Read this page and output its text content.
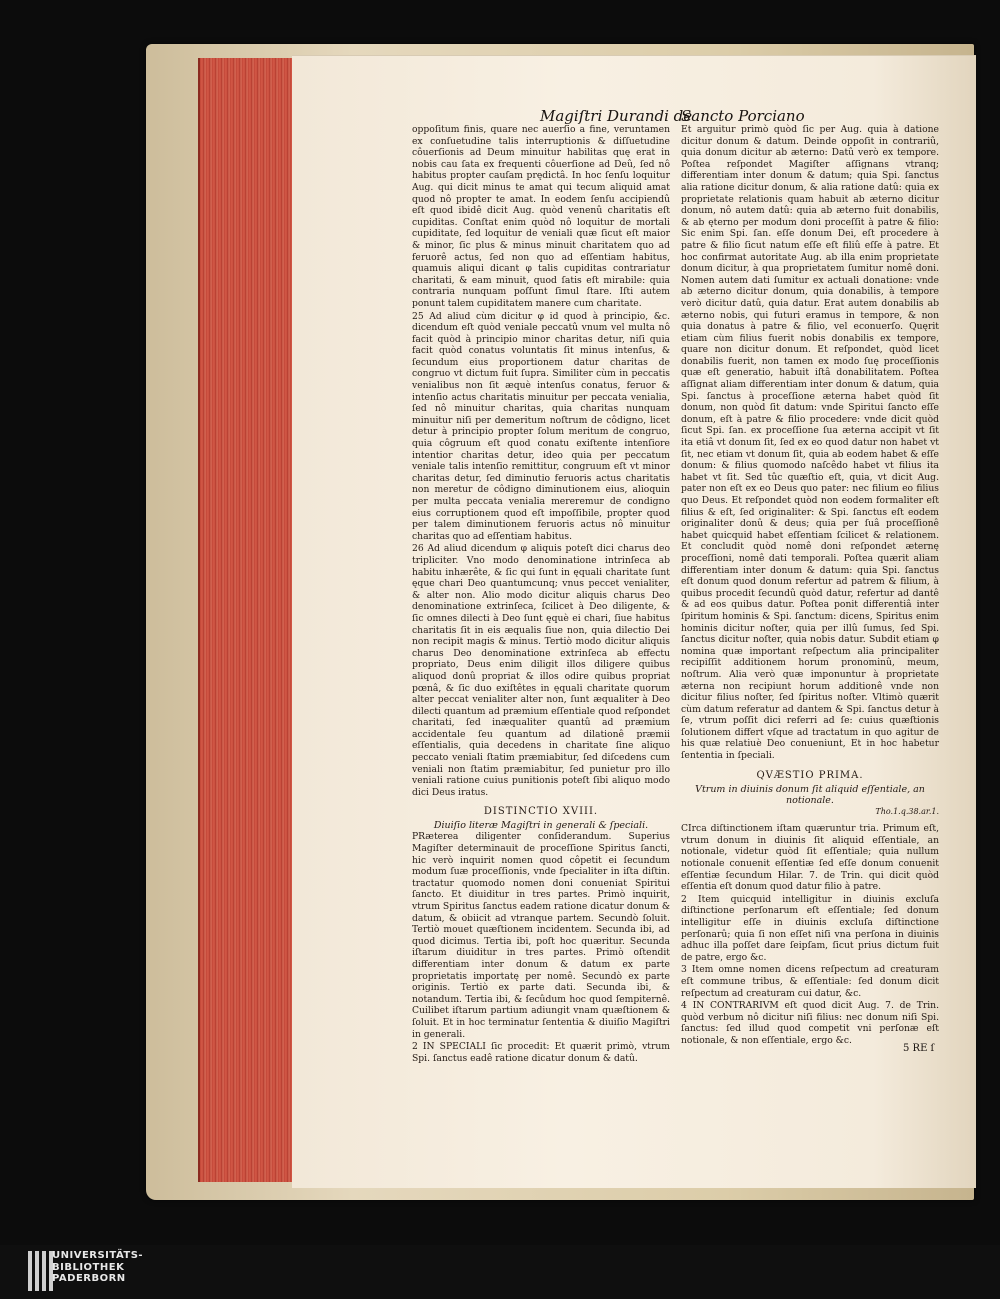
Magiſtri Durandi de
Sancto Porciano

oppoſitum finis, quare nec auerſio a fine, veruntamen ex conſuetudine talis interruptionis & diſſuetudine côuerſionis ad Deum minuitur habilitas quę erat in nobis cau ſata ex frequenti côuerſione ad Deû, ſed nô habitus propter cauſam prędictâ. In hoc ſenſu loquitur Aug. qui dicit minus te amat qui tecum aliquid amat quod nô propter te amat. In eodem ſenſu accipiendû eſt quod ibidê dicit Aug. quòd venenû charitatis eſt cupiditas. Conſtat enim quòd nô loquitur de mortali cupiditate, ſed loquitur de veniali quæ ſicut eſt maior & minor, ſic plus & minus minuit charitatem quo ad feruorê actus, ſed non quo ad eſſentiam habitus, quamuis aliqui dicant φ talis cupiditas contrariatur charitati, & eam minuit, quod ſatis eſt mirabile: quia contraria nunquam poſſunt ſimul ſtare. Iſti autem ponunt talem cupiditatem manere cum charitate.

25 Ad aliud cùm dicitur φ id quod à principio, &c. dicendum eſt quòd veniale peccatû vnum vel multa nô facit quòd à principio minor charitas detur, niſi quia facit quòd conatus voluntatis ſit minus intenſus, & ſecundum eius proportionem datur charitas de congruo vt dictum fuit ſupra. Similiter cùm in peccatis venialibus non ſit æquè intenſus conatus, feruor & intenſio actus charitatis minuitur per peccata venialia, ſed nô minuitur charitas, quia charitas nunquam minuitur niſi per demeritum noſtrum de côdigno, licet detur à principio propter ſolum meritum de congruo, quia côgruum eſt quod conatu exiſtente intenſiore intentior charitas detur, ideo quia per peccatum veniale talis intenſio remittitur, congruum eſt vt minor charitas detur, ſed diminutio feruoris actus charitatis non meretur de côdigno diminutionem eius, alioquin per multa peccata venialia mereremur de condigno eius corruptionem quod eſt impoſſibile, propter quod per talem diminutionem feruoris actus nô minuitur charitas quo ad eſſentiam habitus.

26 Ad aliud dicendum φ aliquis poteſt dici charus deo tripliciter. Vno modo denominatione intrinſeca ab habitu inhærête, & ſic qui ſunt in ęquali charitate ſunt ęque chari Deo quantumcunq; vnus peccet venialiter, & alter non. Alio modo dicitur aliquis charus Deo denominatione extrinſeca, ſcilicet à Deo diligente, & ſic omnes dilecti à Deo ſunt ęquè ei chari, ſiue habitus charitatis ſit in eis æqualis ſiue non, quia dilectio Dei non recipit magis & minus. Tertiò modo dicitur aliquis charus Deo denominatione extrinſeca ab effectu propriato, Deus enim diligit illos diligere quibus aliquod donû propriat & illos odire quibus propriat pœnâ, & ſic duo exiſtêtes in ęquali charitate quorum alter peccat venialiter alter non, ſunt æqualiter à Deo dilecti quantum ad præmium eſſentiale quod reſpondet charitati, ſed inæqualiter quantû ad præmium accidentale ſeu quantum ad dilationê præmii eſſentialis, quia decedens in charitate ſine aliquo peccato veniali ſtatim præmiabitur, ſed diſcedens cum veniali non ſtatim præmiabitur, ſed punietur pro illo veniali ratione cuius punitionis poteſt ſibi aliquo modo dici Deus iratus.

DISTINCTIO XVIII.
Diuiſio literæ Magiſtri in generali & ſpeciali.

PRæterea diligenter conſiderandum. Superius Magiſter determinauit de proceſſione Spiritus ſancti, hic verò inquirit nomen quod côpetit ei ſecundum modum ſuæ proceſſionis, vnde ſpecialiter in iſta diſtin. tractatur quomodo nomen doni conueniat Spiritui ſancto. Et diuiditur in tres partes. Primò inquirit, vtrum Spiritus ſanctus eadem ratione dicatur donum & datum, & obiicit ad vtranque partem. Secundò ſoluit. Tertiò mouet quæſtionem incidentem. Secunda ibi, ad quod dicimus. Tertia ibi, poſt hoc quæritur. Secunda iſtarum diuiditur in tres partes. Primò oſtendit differentiam inter donum & datum ex parte proprietatis importatę per nomê. Secundò ex parte originis. Tertiò ex parte dati. Secunda ibi, & notandum. Tertia ibi, & ſecûdum hoc quod ſempiternê. Cuilibet iſtarum partium adiungit vnam quæſtionem & ſoluit. Et in hoc terminatur ſententia & diuiſio Magiſtri in generali.

2 IN SPECIALI ſic procedit: Et quærit primò, vtrum Spi. ſanctus eadê ratione dicatur donum & datû.

Et arguitur primò quòd ſic per Aug. quia à datione dicitur donum & datum. Deinde oppoſit in contrariû, quia donum dicitur ab æterno: Datû verò ex tempore. Poſtea reſpondet Magiſter aſſignans vtranq; differentiam inter donum & datum; quia Spi. ſanctus alia ratione dicitur donum, & alia ratione datû: quia ex proprietate relationis quam habuit ab æterno dicitur donum, nô autem datû: quia ab æterno fuit donabilis, & ab ęterno per modum doni proceſſit à patre & filio: Sic enim Spi. ſan. eſſe donum Dei, eſt procedere à patre & filio ſicut natum eſſe eſt filiû eſſe à patre. Et hoc confirmat autoritate Aug. ab illa enim proprietate donum dicitur, à qua proprietatem ſumitur nomê doni. Nomen autem dati ſumitur ex actuali donatione: vnde ab æterno dicitur donum, quia donabilis, à tempore verò dicitur datû, quia datur. Erat autem donabilis ab æterno nobis, qui futuri eramus in tempore, & non quia donatus à patre & filio, vel econuerſo. Quęrit etiam cùm filius fuerit nobis donabilis ex tempore, quare non dicitur donum. Et reſpondet, quòd licet donabilis fuerit, non tamen ex modo ſuę proceſſionis quæ eſt generatio, habuit iſtâ donabilitatem. Poſtea aſſignat aliam differentiam inter donum & datum, quia Spi. ſanctus à proceſſione æterna habet quòd ſit donum, non quòd ſit datum: vnde Spiritui ſancto eſſe donum, eſt à patre & filio procedere: vnde dicit quòd ſicut Spi. ſan. ex proceſſione ſua æterna accipit vt ſit ita etiâ vt donum ſit, ſed ex eo quod datur non habet vt ſit, nec etiam vt donum ſit, quia ab eodem habet & eſſe donum: & filius quomodo naſcêdo habet vt filius ita habet vt ſit. Sed tûc quæſtio eſt, quia, vt dicit Aug. pater non eſt ex eo Deus quo pater: nec filium eo filius quo Deus. Et reſpondet quòd non eodem formaliter eſt filius & eſt, ſed originaliter: & Spi. ſanctus eſt eodem originaliter donû & deus; quia per ſuâ proceſſionê habet quicquid habet eſſentiam ſcilicet & relationem. Et concludit quòd nomê doni reſpondet æternę proceſſioni, nomê dati temporali. Poſtea quærit aliam differentiam inter donum & datum: quia Spi. ſanctus eſt donum quod donum refertur ad patrem & filium, à quibus procedit ſecundû quòd datur, refertur ad dantê & ad eos quibus datur. Poſtea ponit differentiâ inter ſpiritum hominis & Spi. ſanctum: dicens, Spiritus enim hominis dicitur noſter, quia per illû ſumus, ſed Spi. ſanctus dicitur noſter, quia nobis datur. Subdit etiam φ nomina quæ important reſpectum alia principaliter recipiſſit additionem horum pronominû, meum, noſtrum. Alia verò quæ imponuntur à proprietate æterna non recipiunt horum additionê vnde non dicitur filius noſter, ſed ſpiritus noſter. Vltimò quærit cùm datum referatur ad dantem & Spi. ſanctus detur à ſe, vtrum poſſit dici referri ad ſe: cuius quæſtionis ſolutionem differt vſque ad tractatum in quo agitur de his quæ relatiuè Deo conueniunt, Et in hoc habetur ſententia in ſpeciali.

QVÆSTIO PRIMA.
Vtrum in diuinis donum ſit aliquid eſſentiale, an notionale.
Tho.1.q.38.ar.1.

CIrca diſtinctionem iſtam quæruntur tria. Primum eſt, vtrum donum in diuinis ſit aliquid eſſentiale, an notionale, videtur quòd ſit eſſentiale; quia nullum notionale conuenit eſſentiæ ſed eſſe donum conuenit eſſentiæ ſecundum Hilar. 7. de Trin. qui dicit quòd eſſentia eſt donum quod datur filio à patre.

2 Item quicquid intelligitur in diuinis excluſa diſtinctione perſonarum eſt eſſentiale; ſed donum intelligitur eſſe in diuinis excluſa diſtinctione perſonarû; quia ſi non eſſet niſi vna perſona in diuinis adhuc illa poſſet dare ſeipſam, ſicut prius dictum fuit de patre, ergo &c.

3 Item omne nomen dicens reſpectum ad creaturam eſt commune tribus, & eſſentiale: ſed donum dicit reſpectum ad creaturam cui datur, &c.

4 IN CONTRARIVM eſt quod dicit Aug. 7. de Trin. quòd verbum nô dicitur niſi filius: nec donum niſi Spi. ſanctus: ſed illud quod competit vni perſonæ eſt notionale, & non eſſentiale, ergo &c.

5 RE ſ
UNIVERSITÄTS-
BIBLIOTHEK
PADERBORN
